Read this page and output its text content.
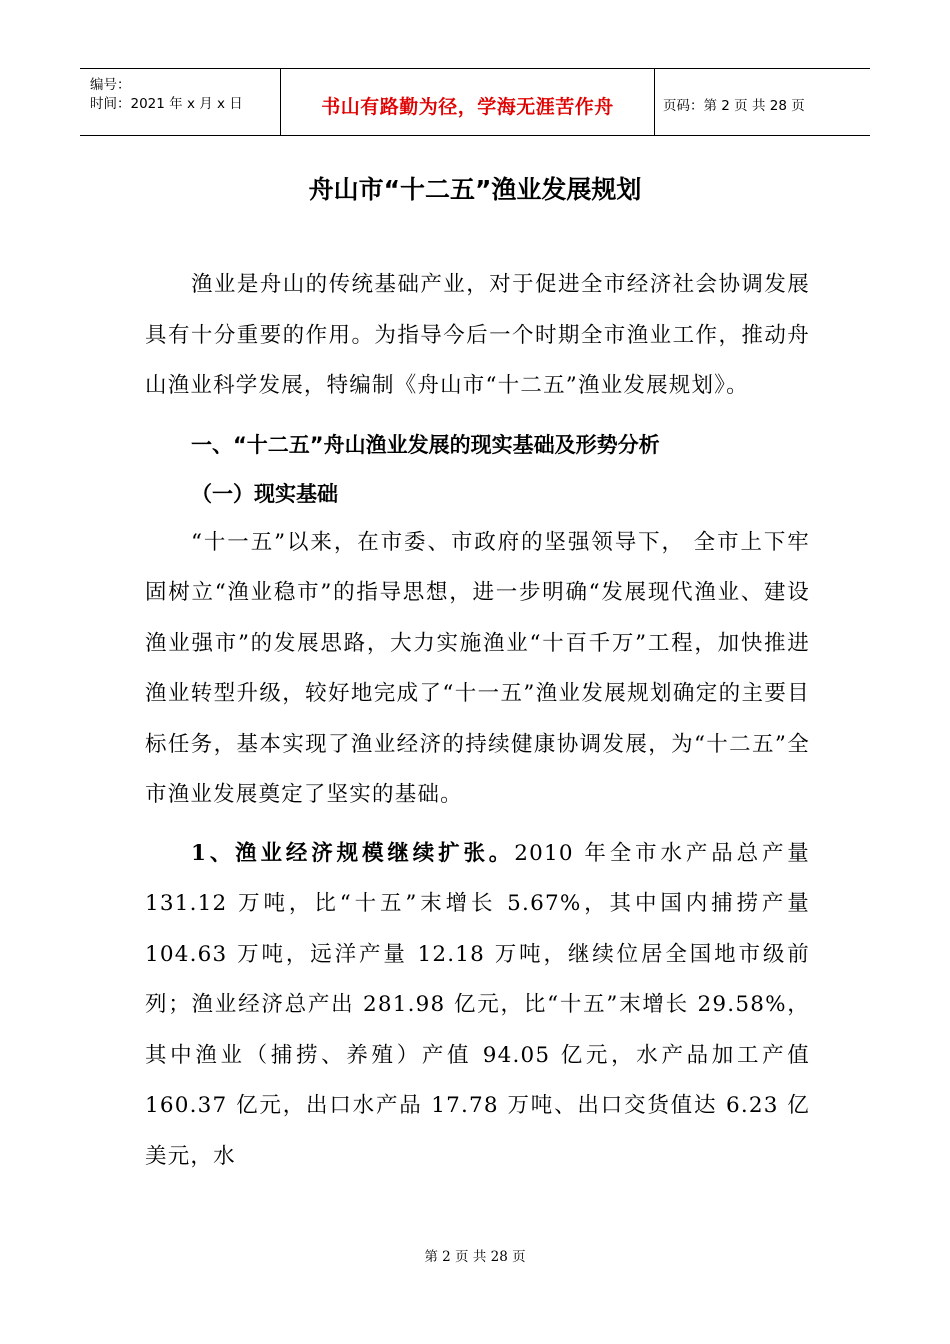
编号：
时间：2021 年 x 月 x 日	书山有路勤为径，学海无涯苦作舟	页码：第 2 页 共 28 页
舟山市“十二五”渔业发展规划

渔业是舟山的传统基础产业，对于促进全市经济社会协调发展具有十分重要的作用。为指导今后一个时期全市渔业工作，推动舟山渔业科学发展，特编制《舟山市“十二五”渔业发展规划》。

一、“十二五”舟山渔业发展的现实基础及形势分析

（一）现实基础

“十一五”以来，在市委、市政府的坚强领导下， 全市上下牢固树立“渔业稳市”的指导思想，进一步明确“发展现代渔业、建设渔业强市”的发展思路，大力实施渔业“十百千万”工程，加快推进渔业转型升级，较好地完成了“十一五”渔业发展规划确定的主要目标任务，基本实现了渔业经济的持续健康协调发展，为“十二五”全市渔业发展奠定了坚实的基础。

1、渔业经济规模继续扩张。2010 年全市水产品总产量 131.12 万吨，比“十五”末增长 5.67%，其中国内捕捞产量 104.63 万吨，远洋产量 12.18 万吨，继续位居全国地市级前列；渔业经济总产出 281.98 亿元，比“十五”末增长 29.58%，其中渔业（捕捞、养殖）产值 94.05 亿元，水产品加工产值 160.37 亿元，出口水产品 17.78 万吨、出口交货值达 6.23 亿美元，水

第 2 页 共 28 页
